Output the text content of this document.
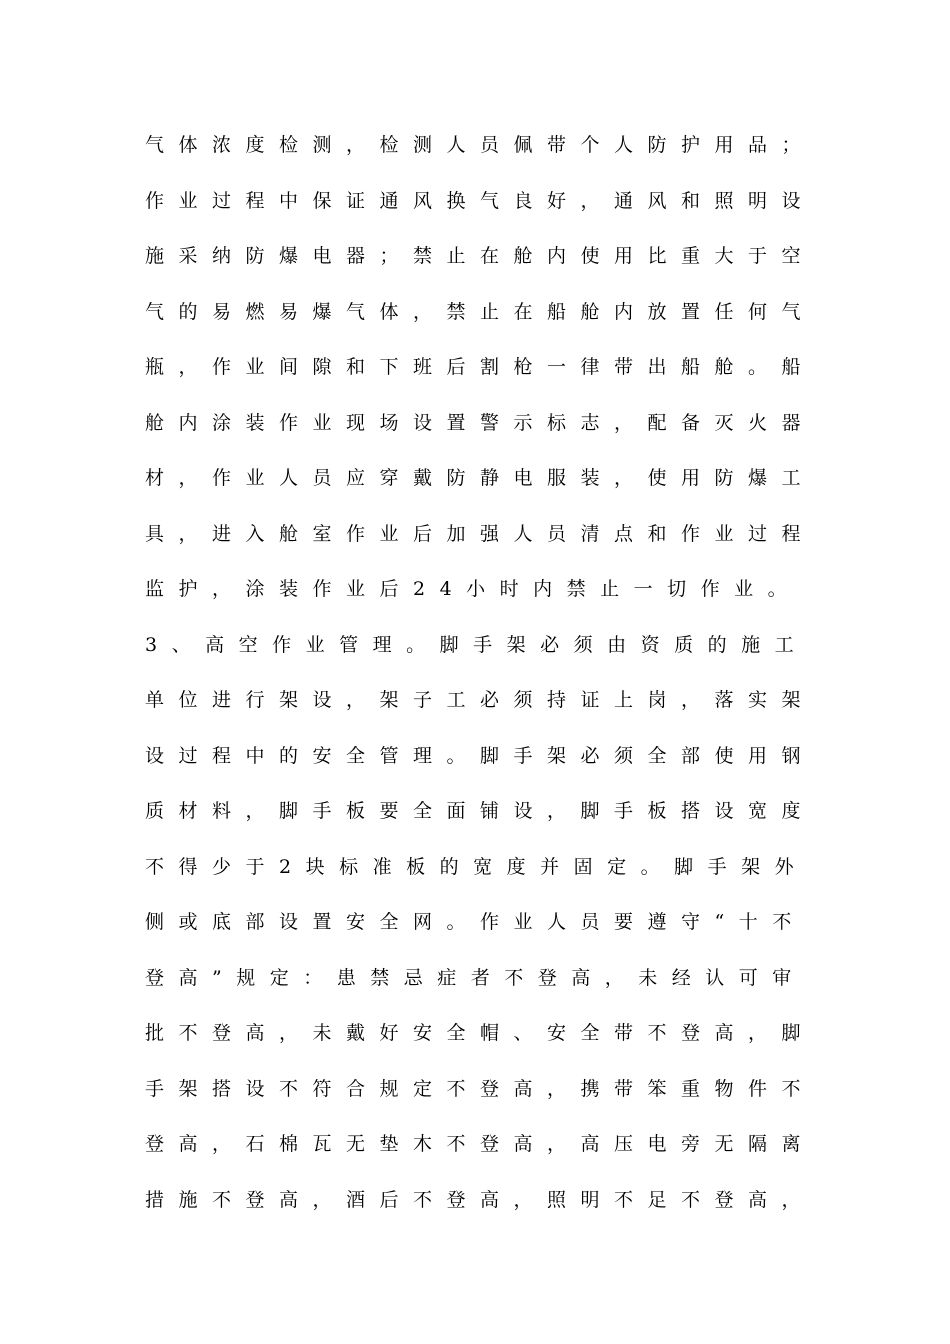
气体浓度检测，检测人员佩带个人防护用品；
作业过程中保证通风换气良好，通风和照明设
施采纳防爆电器；禁止在舱内使用比重大于空
气的易燃易爆气体，禁止在船舱内放置任何气
瓶，作业间隙和下班后割枪一律带出船舱。船
舱内涂装作业现场设置警示标志，配备灭火器
材，作业人员应穿戴防静电服装，使用防爆工
具，进入舱室作业后加强人员清点和作业过程
监护，涂装作业后24小时内禁止一切作业。
3、高空作业管理。脚手架必须由资质的施工
单位进行架设，架子工必须持证上岗，落实架
设过程中的安全管理。脚手架必须全部使用钢
质材料，脚手板要全面铺设，脚手板搭设宽度
不得少于2块标准板的宽度并固定。脚手架外
侧或底部设置安全网。作业人员要遵守“十不
登高”规定：患禁忌症者不登高，未经认可审
批不登高，未戴好安全帽、安全带不登高，脚
手架搭设不符合规定不登高，携带笨重物件不
登高，石棉瓦无垫木不登高，高压电旁无隔离
措施不登高，酒后不登高，照明不足不登高，
